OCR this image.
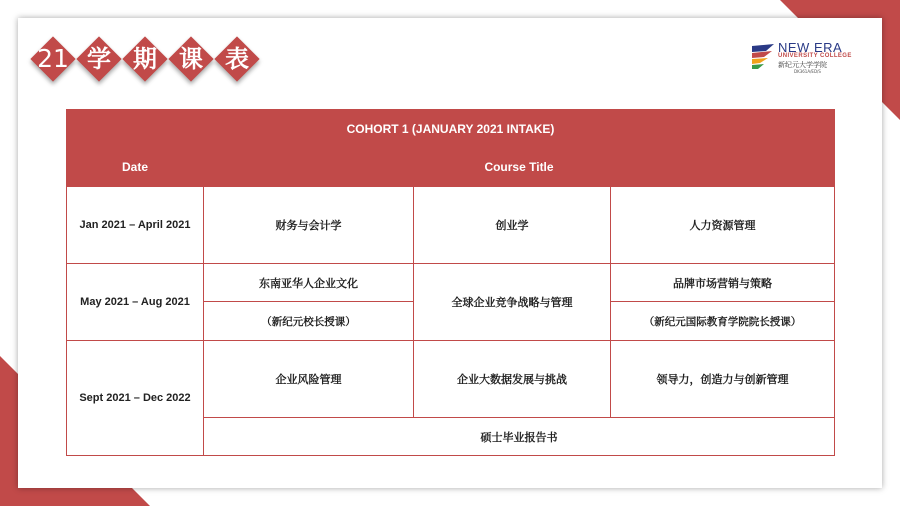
21 学 期 课 表	NEW ERA
UNIVERSITY COLLEGE
新纪元大学学院
DK361A/ED/S
COHORT 1 (JANUARY 2021 INTAKE)			
Date	Course Title		
Jan 2021 – April 2021	财务与会计学	创业学	人力资源管理
May 2021 – Aug 2021	东南亚华人企业文化	全球企业竞争战略与管理	品牌市场营销与策略
	（新纪元校长授课）		（新纪元国际教育学院院长授课）
Sept 2021 – Dec 2022	企业风险管理	企业大数据发展与挑战	领导力，创造力与创新管理
	硕士毕业报告书		
